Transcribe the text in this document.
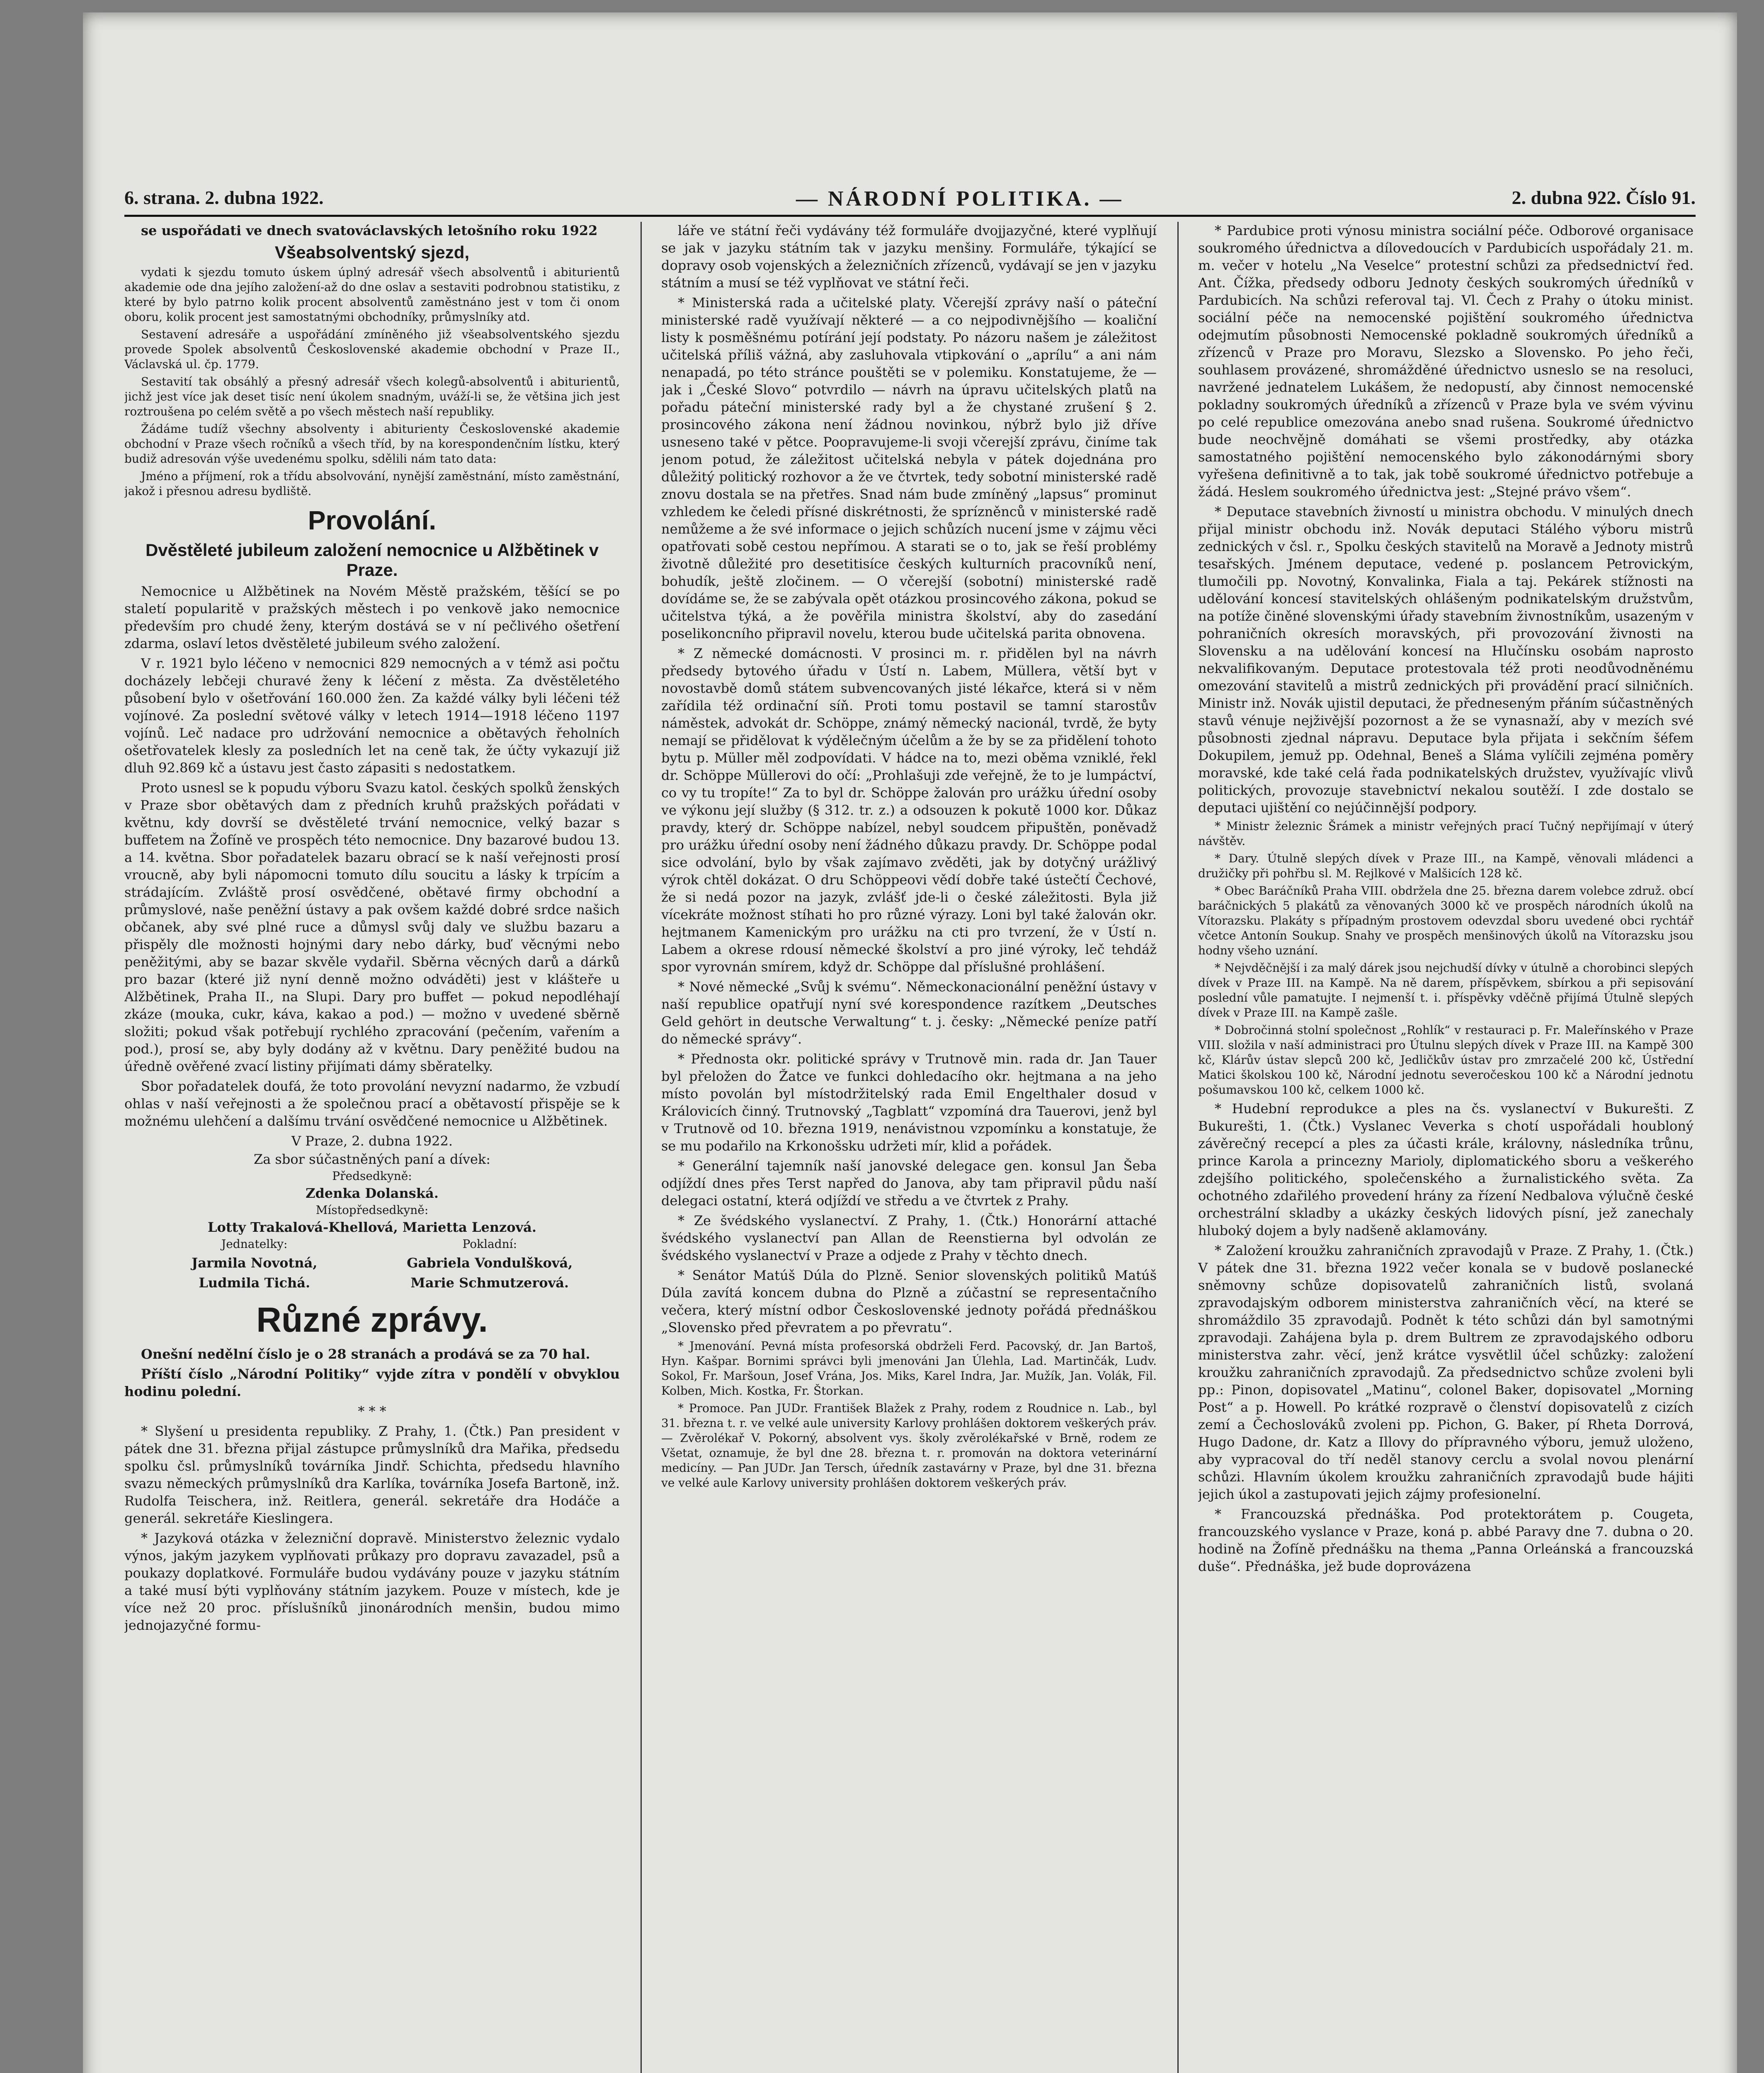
6. strana. 2. dubna 1922.	— NÁRODNÍ POLITIKA. —	2. dubna 922. Číslo 91.

se uspořádati ve dnech svatováclavských letošního roku 1922

Všeabsolventský sjezd,

vydati k sjezdu tomuto úskem úplný adresář všech absolventů i abiturientů akademie ode dna jejího založení-až do dne oslav a sestaviti podrobnou statistiku, z které by bylo patrno kolik procent absolventů zaměstnáno jest v tom či onom oboru, kolik procent jest samostatnými obchodníky, průmyslníky atd.

Sestavení adresáře a uspořádání zmíněného již všeabsolventského sjezdu provede Spolek absolventů Československé akademie obchodní v Praze II., Václavská ul. čp. 1779.

Sestavití tak obsáhlý a přesný adresář všech kolegů-absolventů i abiturientů, jichž jest více jak deset tisíc není úkolem snadným, uváží-li se, že většina jich jest roztroušena po celém světě a po všech městech naší republiky.

Žádáme tudíž všechny absolventy i abiturienty Československé akademie obchodní v Praze všech ročníků a všech tříd, by na korespondenčním lístku, který budiž adresován výše uvedenému spolku, sdělili nám tato data:

Jméno a příjmení, rok a třídu absolvování, nynější zaměstnání, místo zaměstnání, jakož i přesnou adresu bydliště.

Provolání.
Dvěstěleté jubileum založení nemocnice u Alžbětinek v Praze.

Nemocnice u Alžbětinek na Novém Městě pražském, těšící se po staletí popularitě v pražských městech i po venkově jako nemocnice především pro chudé ženy, kterým dostává se v ní pečlivého ošetření zdarma, oslaví letos dvěstěleté jubileum svého založení.

V r. 1921 bylo léčeno v nemocnici 829 nemocných a v témž asi počtu docházely lebčeji churavé ženy k léčení z města. Za dvěstěletého působení bylo v ošetřování 160.000 žen. Za každé války byli léčeni též vojínové. Za poslední světové války v letech 1914—1918 léčeno 1197 vojínů. Leč nadace pro udržování nemocnice a obětavých řeholních ošetřovatelek klesly za posledních let na ceně tak, že účty vykazují již dluh 92.869 kč a ústavu jest často zápasiti s nedostatkem.

Proto usnesl se k popudu výboru Svazu katol. českých spolků ženských v Praze sbor obětavých dam z předních kruhů pražských pořádati v květnu, kdy dovrší se dvěstěleté trvání nemocnice, velký bazar s buffetem na Žofíně ve prospěch této nemocnice. Dny bazarové budou 13. a 14. května. Sbor pořadatelek bazaru obrací se k naší veřejnosti prosí vroucně, aby byli nápomocni tomuto dílu soucitu a lásky k trpícím a strádajícím. Zvláště prosí osvědčené, obětavé firmy obchodní a průmyslové, naše peněžní ústavy a pak ovšem každé dobré srdce našich občanek, aby své plné ruce a důmysl svůj daly ve službu bazaru a přispěly dle možnosti hojnými dary nebo dárky, buď věcnými nebo peněžitými, aby se bazar skvěle vydařil. Sběrna věcných darů a dárků pro bazar (které již nyní denně možno odváděti) jest v klášteře u Alžbětinek, Praha II., na Slupi. Dary pro buffet — pokud nepodléhají zkáze (mouka, cukr, káva, kakao a pod.) — možno v uvedené sběrně složiti; pokud však potřebují rychlého zpracování (pečením, vařením a pod.), prosí se, aby byly dodány až v květnu. Dary peněžité budou na úředně ověřené zvací listiny přijímati dámy sběratelky.

Sbor pořadatelek doufá, že toto provolání nevyzní nadarmo, že vzbudí ohlas v naší veřejnosti a že společnou prací a obětavostí přispěje se k možnému ulehčení a dalšímu trvání osvědčené nemocnice u Alžbětinek.

V Praze, 2. dubna 1922.

Za sbor súčastněných paní a dívek:

Předsedkyně:

Zdenka Dolanská.

Místopředsedkyně:

Lotty Trakalová-Khellová, Marietta Lenzová.

Jednatelky:	Pokladní:

Jarmila Novotná,	Gabriela Vondulšková,

Ludmila Tichá.	Marie Schmutzerová.

Různé zprávy.

Onešní nedělní číslo je o 28 stranách a prodává se za 70 hal.

Příští číslo „Národní Politiky“ vyjde zítra v pondělí v obvyklou hodinu polední.

* * *

* Slyšení u presidenta republiky. Z Prahy, 1. (Čtk.) Pan president v pátek dne 31. března přijal zástupce průmyslníků dra Mařika, předsedu spolku čsl. průmyslníků továrníka Jindř. Schichta, předsedu hlavního svazu německých průmyslníků dra Karlíka, továrníka Josefa Bartoně, inž. Rudolfa Teischera, inž. Reitlera, generál. sekretáře dra Hodáče a generál. sekretáře Kieslingera.

* Jazyková otázka v železniční dopravě. Ministerstvo železnic vydalo výnos, jakým jazykem vyplňovati průkazy pro dopravu zavazadel, psů a poukazy doplatkové. Formuláře budou vydávány pouze v jazyku státním a také musí býti vyplňovány státním jazykem. Pouze v místech, kde je více než 20 proc. příslušníků jinonárodních menšin, budou mimo jednojazyčné formu-

láře ve státní řeči vydávány též formuláře dvojjazyčné, které vyplňují se jak v jazyku státním tak v jazyku menšiny. Formuláře, týkající se dopravy osob vojenských a železničních zřízenců, vydávají se jen v jazyku státním a musí se též vyplňovat ve státní řeči.

* Ministerská rada a učitelské platy. Včerejší zprávy naší o páteční ministerské radě využívají některé — a co nejpodivnějšího — koaliční listy k posměšnému potírání její podstaty. Po názoru našem je záležitost učitelská příliš vážná, aby zasluhovala vtipkování o „aprílu“ a ani nám nenapadá, po této stránce pouštěti se v polemiku. Konstatujeme, že — jak i „České Slovo“ potvrdilo — návrh na úpravu učitelských platů na pořadu páteční ministerské rady byl a že chystané zrušení § 2. prosincového zákona není žádnou novinkou, nýbrž bylo již dříve usneseno také v pětce. Poopravujeme-li svoji včerejší zprávu, činíme tak jenom potud, že záležitost učitelská nebyla v pátek dojednána pro důležitý politický rozhovor a že ve čtvrtek, tedy sobotní ministerské radě znovu dostala se na přetřes. Snad nám bude zmíněný „lapsus“ prominut vzhledem ke čeledi přísné diskrétnosti, že sprízněnců v ministerské radě nemůžeme a že své informace o jejich schůzích nucení jsme v zájmu věci opatřovati sobě cestou nepřímou. A starati se o to, jak se řeší problémy životně důležité pro desetitisíce českých kulturních pracovníků není, bohudík, ještě zločinem. — O včerejší (sobotní) ministerské radě dovídáme se, že se zabývala opět otázkou prosincového zákona, pokud se učitelstva týká, a že pověřila ministra školství, aby do zasedání poselikoncního připravil novelu, kterou bude učitelská parita obnovena.

* Z německé domácnosti. V prosinci m. r. přidělen byl na návrh předsedy bytového úřadu v Ústí n. Labem, Müllera, větší byt v novostavbě domů státem subvencovaných jisté lékařce, která si v něm zařídila též ordinační síň. Proti tomu postavil se tamní starostův náměstek, advokát dr. Schöppe, známý německý nacionál, tvrdě, že byty nemají se přidělovat k výdělečným účelům a že by se za přidělení tohoto bytu p. Müller měl zodpovídati. V hádce na to, mezi oběma vzniklé, řekl dr. Schöppe Müllerovi do očí: „Prohlašuji zde veřejně, že to je lumpáctví, co vy tu tropíte!“ Za to byl dr. Schöppe žalován pro urážku úřední osoby ve výkonu její služby (§ 312. tr. z.) a odsouzen k pokutě 1000 kor. Důkaz pravdy, který dr. Schöppe nabízel, nebyl soudcem připuštěn, poněvadž pro urážku úřední osoby není žádného důkazu pravdy. Dr. Schöppe podal sice odvolání, bylo by však zajímavo zvěděti, jak by dotyčný urážlivý výrok chtěl dokázat. O dru Schöppeovi vědí dobře také ústečtí Čechové, že si nedá pozor na jazyk, zvlášť jde-li o české záležitosti. Byla již vícekráte možnost stíhati ho pro různé výrazy. Loni byl také žalován okr. hejtmanem Kamenickým pro urážku na cti pro tvrzení, že v Ústí n. Labem a okrese rdousí německé školství a pro jiné výroky, leč tehdáž spor vyrovnán smírem, když dr. Schöppe dal příslušné prohlášení.

* Nové německé „Svůj k svému“. Německonacionální peněžní ústavy v naší republice opatřují nyní své korespondence razítkem „Deutsches Geld gehört in deutsche Verwaltung“ t. j. česky: „Německé peníze patří do německé správy“.

* Přednosta okr. politické správy v Trutnově min. rada dr. Jan Tauer byl přeložen do Žatce ve funkci dohledacího okr. hejtmana a na jeho místo povolán byl místodržitelský rada Emil Engelthaler dosud v Královicích činný. Trutnovský „Tagblatt“ vzpomíná dra Tauerovi, jenž byl v Trutnově od 10. března 1919, nenávistnou vzpomínku a konstatuje, že se mu podařilo na Krkonošsku udržeti mír, klid a pořádek.

* Generální tajemník naší janovské delegace gen. konsul Jan Šeba odjíždí dnes přes Terst napřed do Janova, aby tam připravil půdu naší delegaci ostatní, která odjíždí ve středu a ve čtvrtek z Prahy.

* Ze švédského vyslanectví. Z Prahy, 1. (Čtk.) Honorární attaché švédského vyslanectví pan Allan de Reenstierna byl odvolán ze švédského vyslanectví v Praze a odjede z Prahy v těchto dnech.

* Senátor Matúš Dúla do Plzně. Senior slovenských politiků Matúš Dúla zavítá koncem dubna do Plzně a zúčastní se representačního večera, který místní odbor Československé jednoty pořádá přednáškou „Slovensko před převratem a po převratu“.

* Jmenování. Pevná místa profesorská obdrželi Ferd. Pacovský, dr. Jan Bartoš, Hyn. Kašpar. Bornimi správci byli jmenováni Jan Úlehla, Lad. Martinčák, Ludv. Sokol, Fr. Maršoun, Josef Vrána, Jos. Miks, Karel Indra, Jar. Mužík, Jan. Volák, Fil. Kolben, Mich. Kostka, Fr. Štorkan.

* Promoce. Pan JUDr. František Blažek z Prahy, rodem z Roudnice n. Lab., byl 31. března t. r. ve velké aule university Karlovy prohlášen doktorem veškerých práv. — Zvěrolékař V. Pokorný, absolvent vys. školy zvěrolékařské v Brně, rodem ze Všetat, oznamuje, že byl dne 28. března t. r. promován na doktora veterinární medicíny. — Pan JUDr. Jan Tersch, úředník zastavárny v Praze, byl dne 31. března ve velké aule Karlovy university prohlášen doktorem veškerých práv.

* Pardubice proti výnosu ministra sociální péče. Odborové organisace soukromého úřednictva a dílovedoucích v Pardubicích uspořádaly 21. m. m. večer v hotelu „Na Veselce“ protestní schůzi za předsednictví řed. Ant. Čížka, předsedy odboru Jednoty českých soukromých úředníků v Pardubicích. Na schůzi referoval taj. Vl. Čech z Prahy o útoku minist. sociální péče na nemocenské pojištění soukromého úřednictva odejmutím působnosti Nemocenské pokladně soukromých úředníků a zřízenců v Praze pro Moravu, Slezsko a Slovensko. Po jeho řeči, souhlasem provázené, shromážděné úřednictvo usneslo se na resoluci, navržené jednatelem Lukášem, že nedopustí, aby činnost nemocenské pokladny soukromých úředníků a zřízenců v Praze byla ve svém vývinu po celé republice omezována anebo snad rušena. Soukromé úřednictvo bude neochvějně domáhati se všemi prostředky, aby otázka samostatného pojištění nemocenského bylo zákonodárnými sbory vyřešena definitivně a to tak, jak tobě soukromé úřednictvo potřebuje a žádá. Heslem soukromého úřednictva jest: „Stejné právo všem“.

* Deputace stavebních živností u ministra obchodu. V minulých dnech přijal ministr obchodu inž. Novák deputaci Stálého výboru mistrů zednických v čsl. r., Spolku českých stavitelů na Moravě a Jednoty mistrů tesařských. Jménem deputace, vedené p. poslancem Petrovickým, tlumočili pp. Novotný, Konvalinka, Fiala a taj. Pekárek stížnosti na udělování koncesí stavitelských ohlášeným podnikatelským družstvům, na potíže činěné slovenskými úřady stavebním živnostníkům, usazeným v pohraničních okresích moravských, při provozování živnosti na Slovensku a na udělování koncesí na Hlučínsku osobám naprosto nekvalifikovaným. Deputace protestovala též proti neodůvodněnému omezování stavitelů a mistrů zednických při provádění prací silničních. Ministr inž. Novák ujistil deputaci, že předneseným přáním súčastněných stavů vénuje nejživější pozornost a že se vynasnaží, aby v mezích své působnosti zjednal nápravu. Deputace byla přijata i sekčním šéfem Dokupilem, jemuž pp. Odehnal, Beneš a Sláma vylíčili zejména poměry moravské, kde také celá řada podnikatelských družstev, využívajíc vlivů politických, provozuje stavebnictví nekalou soutěží. I zde dostalo se deputaci ujištění co nejúčinnější podpory.

* Ministr železnic Šrámek a ministr veřejných prací Tučný nepřijímají v úterý návštěv.

* Dary. Útulně slepých dívek v Praze III., na Kampě, věnovali mládenci a družičky při pohřbu sl. M. Rejlkové v Malšicích 128 kč.

* Obec Baráčníků Praha VIII. obdržela dne 25. března darem volebce združ. obcí baráčnických 5 plakátů za věnovaných 3000 kč ve prospěch národních úkolů na Vítorazsku. Plakáty s případným prostovem odevzdal sboru uvedené obci rychtář včetce Antonín Soukup. Snahy ve prospěch menšinových úkolů na Vítorazsku jsou hodny všeho uznání.

* Nejvděčnější i za malý dárek jsou nejchudší dívky v útulně a chorobinci slepých dívek v Praze III. na Kampě. Na ně darem, příspěvkem, sbírkou a při sepisování poslední vůle pamatujte. I nejmenší t. i. příspěvky vděčně přijímá Útulně slepých dívek v Praze III. na Kampě zašle.

* Dobročinná stolní společnost „Rohlík“ v restauraci p. Fr. Maleřínského v Praze VIII. složila v naší administraci pro Útulnu slepých dívek v Praze III. na Kampě 300 kč, Klárův ústav slepců 200 kč, Jedličkův ústav pro zmrzačelé 200 kč, Ústřední Matici školskou 100 kč, Národní jednotu severočeskou 100 kč a Národní jednotu pošumavskou 100 kč, celkem 1000 kč.

* Hudební reprodukce a ples na čs. vyslanectví v Bukurešti. Z Bukurešti, 1. (Čtk.) Vyslanec Veverka s chotí uspořádali houbloný závěrečný recepcí a ples za účasti krále, královny, následníka trůnu, prince Karola a princezny Marioly, diplomatického sboru a veškerého zdejšího politického, společenského a žurnalistického světa. Za ochotného zdařilého provedení hrány za řízení Nedbalova výlučně české orchestrální skladby a ukázky českých lidových písní, jež zanechaly hluboký dojem a byly nadšeně aklamovány.

* Založení kroužku zahraničních zpravodajů v Praze. Z Prahy, 1. (Čtk.) V pátek dne 31. března 1922 večer konala se v budově poslanecké sněmovny schůze dopisovatelů zahraničních listů, svolaná zpravodajským odborem ministerstva zahraničních věcí, na které se shromáždilo 35 zpravodajů. Podnět k této schůzi dán byl samotnými zpravodaji. Zahájena byla p. drem Bultrem ze zpravodajského odboru ministerstva zahr. věcí, jenž krátce vysvětlil účel schůzky: založení kroužku zahraničních zpravodajů. Za předsednictvo schůze zvoleni byli pp.: Pinon, dopisovatel „Matinu“, colonel Baker, dopisovatel „Morning Post“ a p. Howell. Po krátké rozpravě o členství dopisovatelů z cizích zemí a Čechoslováků zvoleni pp. Pichon, G. Baker, pí Rheta Dorrová, Hugo Dadone, dr. Katz a Illovy do přípravného výboru, jemuž uloženo, aby vypracoval do tří neděl stanovy cerclu a svolal novou plenární schůzi. Hlavním úkolem kroužku zahraničních zpravodajů bude hájiti jejich úkol a zastupovati jejich zájmy profesionelní.

* Francouzská přednáška. Pod protektorátem p. Cougeta, francouzského vyslance v Praze, koná p. abbé Paravy dne 7. dubna o 20. hodině na Žofíně přednášku na thema „Panna Orleánská a francouzská duše“. Přednáška, jež bude doprovázena
